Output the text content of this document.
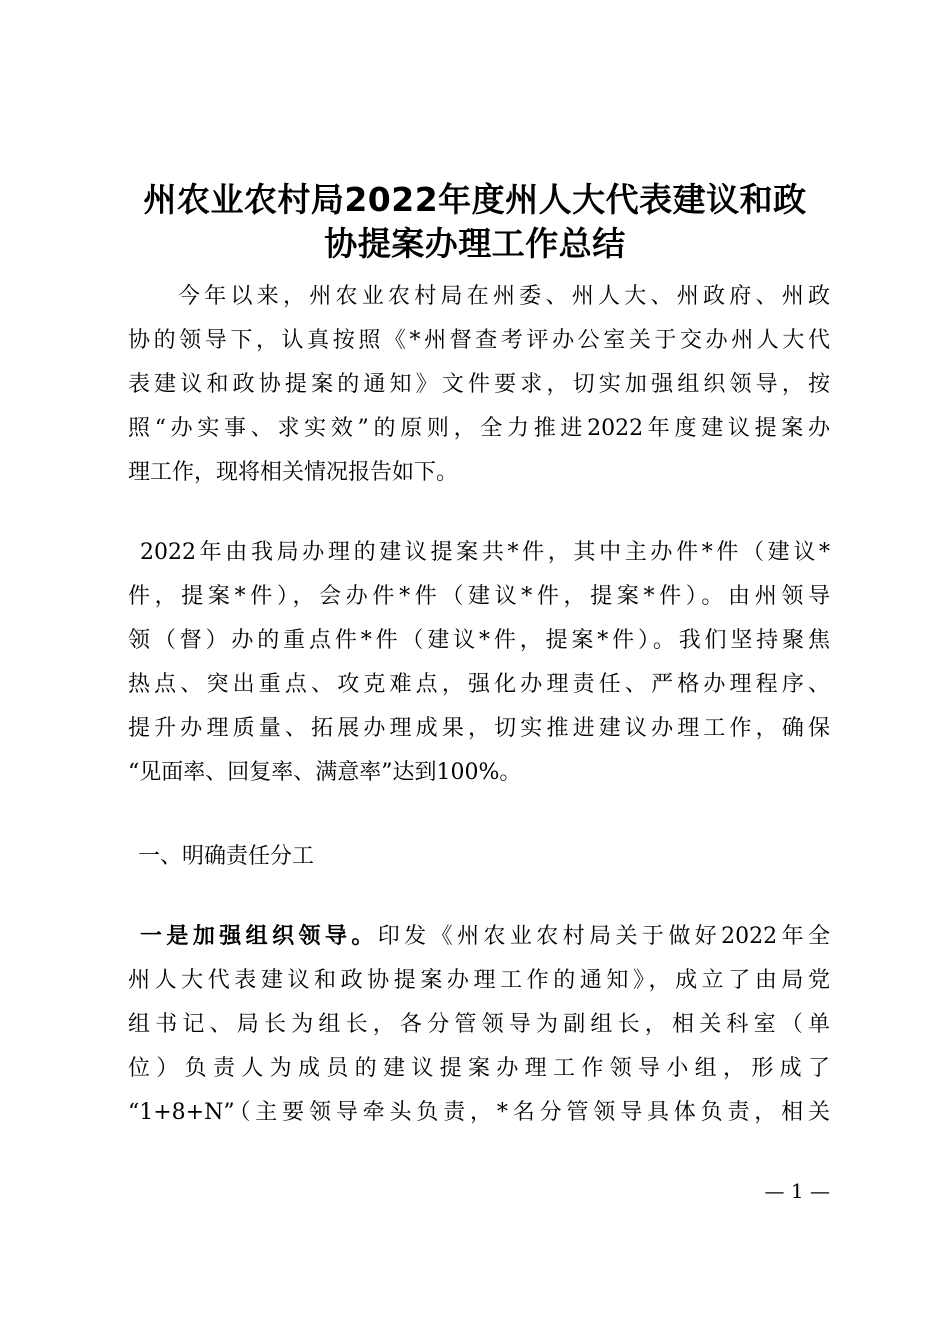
州农业农村局2022年度州人大代表建议和政
协提案办理工作总结
今年以来，州农业农村局在州委、州人大、州政府、州政
协的领导下，认真按照《*州督查考评办公室关于交办州人大代
表建议和政协提案的通知》文件要求，切实加强组织领导，按
照“办实事、求实效”的原则，全力推进2022年度建议提案办
理工作，现将相关情况报告如下。
2022年由我局办理的建议提案共*件，其中主办件*件（建议*
件，提案*件），会办件*件（建议*件，提案*件）。由州领导
领（督）办的重点件*件（建议*件，提案*件）。我们坚持聚焦
热点、突出重点、攻克难点，强化办理责任、严格办理程序、
提升办理质量、拓展办理成果，切实推进建议办理工作，确保
“见面率、回复率、满意率”达到100%。
一、明确责任分工
一是加强组织领导。印发《州农业农村局关于做好2022年全
州人大代表建议和政协提案办理工作的通知》，成立了由局党
组书记、局长为组长，各分管领导为副组长，相关科室（单
位）负责人为成员的建议提案办理工作领导小组，形成了
“1+8+N”（主要领导牵头负责，*名分管领导具体负责，相关
— 1 —
